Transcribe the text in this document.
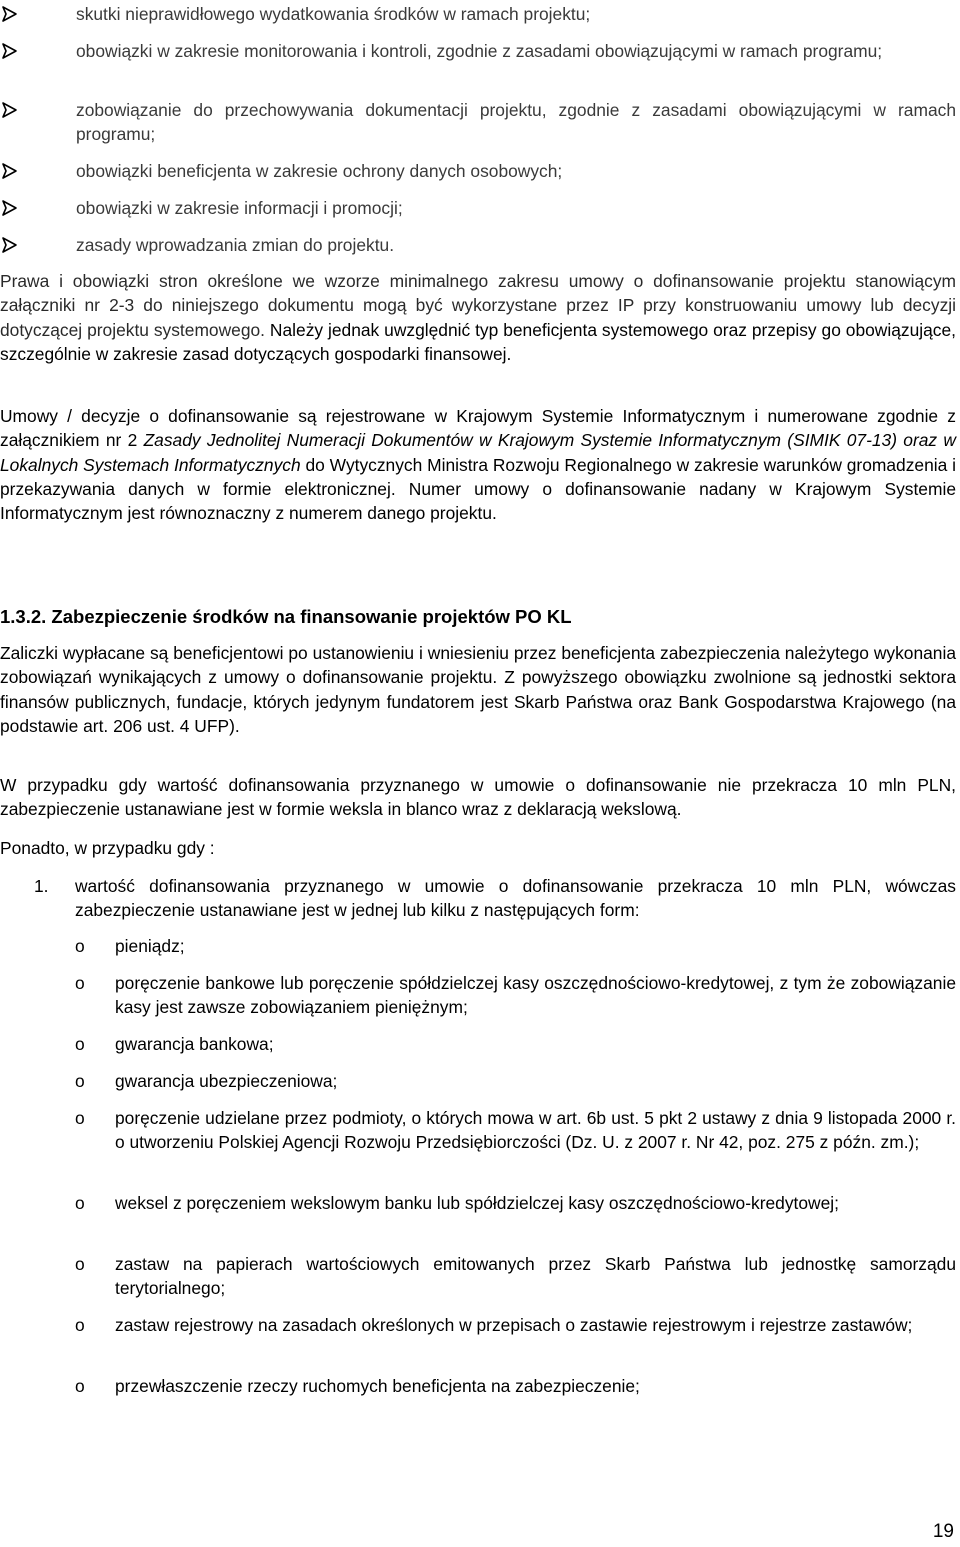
skutki nieprawidłowego wydatkowania środków w ramach projektu;
obowiązki w zakresie monitorowania i kontroli, zgodnie z zasadami obowiązującymi w ramach programu;
zobowiązanie do przechowywania dokumentacji projektu, zgodnie z zasadami obowiązującymi w ramach programu;
obowiązki beneficjenta w zakresie ochrony danych osobowych;
obowiązki w zakresie informacji i promocji;
zasady wprowadzania zmian do projektu.

Prawa i obowiązki stron określone we wzorze minimalnego zakresu umowy o dofinansowanie projektu stanowiącym załączniki nr 2-3 do niniejszego dokumentu mogą być wykorzystane przez IP przy konstruowaniu umowy lub decyzji dotyczącej projektu systemowego. Należy jednak uwzględnić typ beneficjenta systemowego oraz przepisy go obowiązujące, szczególnie w zakresie zasad dotyczących gospodarki finansowej.

Umowy / decyzje o dofinansowanie są rejestrowane w Krajowym Systemie Informatycznym i numerowane zgodnie z załącznikiem nr 2 Zasady Jednolitej Numeracji Dokumentów w Krajowym Systemie Informatycznym (SIMIK 07-13) oraz w Lokalnych Systemach Informatycznych do Wytycznych Ministra Rozwoju Regionalnego w zakresie warunków gromadzenia i przekazywania danych w formie elektronicznej. Numer umowy o dofinansowanie nadany w Krajowym Systemie Informatycznym jest równoznaczny z numerem danego projektu.

1.3.2. Zabezpieczenie środków na finansowanie projektów PO KL

Zaliczki wypłacane są beneficjentowi po ustanowieniu i wniesieniu przez beneficjenta zabezpieczenia należytego wykonania zobowiązań wynikających z umowy o dofinansowanie projektu. Z powyższego obowiązku zwolnione są jednostki sektora finansów publicznych, fundacje, których jedynym fundatorem jest Skarb Państwa oraz Bank Gospodarstwa Krajowego (na podstawie art. 206 ust. 4 UFP).

W przypadku gdy wartość dofinansowania przyznanego w umowie o dofinansowanie nie przekracza 10 mln PLN, zabezpieczenie ustanawiane jest w formie weksla in blanco wraz z deklaracją wekslową.

Ponadto, w przypadku gdy :

1. wartość dofinansowania przyznanego w umowie o dofinansowanie przekracza 10 mln PLN, wówczas zabezpieczenie ustanawiane jest w jednej lub kilku z następujących form:
o pieniądz;
o poręczenie bankowe lub poręczenie spółdzielczej kasy oszczędnościowo-kredytowej, z tym że zobowiązanie kasy jest zawsze zobowiązaniem pieniężnym;
o gwarancja bankowa;
o gwarancja ubezpieczeniowa;
o poręczenie udzielane przez podmioty, o których mowa w art. 6b ust. 5 pkt 2 ustawy z dnia 9 listopada 2000 r. o utworzeniu Polskiej Agencji Rozwoju Przedsiębiorczości (Dz. U. z 2007 r. Nr 42, poz. 275 z późn. zm.);
o weksel z poręczeniem wekslowym banku lub spółdzielczej kasy oszczędnościowo-kredytowej;
o zastaw na papierach wartościowych emitowanych przez Skarb Państwa lub jednostkę samorządu terytorialnego;
o zastaw rejestrowy na zasadach określonych w przepisach o zastawie rejestrowym i rejestrze zastawów;
o przewłaszczenie rzeczy ruchomych beneficjenta na zabezpieczenie;
19
